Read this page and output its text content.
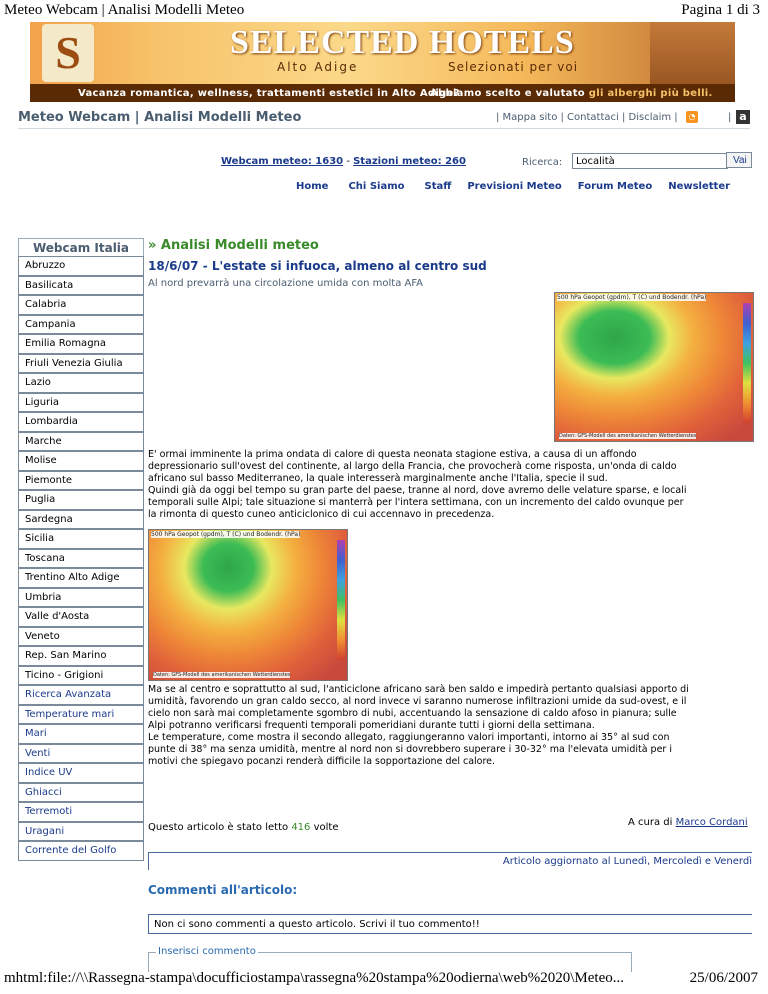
Meteo Webcam | Analisi Modelli Meteo	Pagina 1 di 3
S	SELECTED HOTELS
Alto Adige	Selezionati per voi
Vacanza romantica, wellness, trattamenti estetici in Alto Adige?
Abbiamo scelto e valutato gli alberghi più belli.
Meteo Webcam | Analisi Modelli Meteo	| Mappa sito | Contattaci | Disclaim |	◔	| a
Webcam meteo: 1630 - Stazioni meteo: 260	Ricerca:
Località	Vai
Home Chi Siamo Staff Previsioni Meteo Forum Meteo Newsletter
Webcam Italia
Abruzzo
Basilicata
Calabria
Campania
Emilia Romagna
Friuli Venezia Giulia
Lazio
Liguria
Lombardia
Marche
Molise
Piemonte
Puglia
Sardegna
Sicilia
Toscana
Trentino Alto Adige
Umbria
Valle d'Aosta
Veneto
Rep. San Marino
Ticino - Grigioni
Ricerca Avanzata
Temperature mari
Mari
Venti
Indice UV
Ghiacci
Terremoti
Uragani
Corrente del Golfo
» Analisi Modelli meteo
18/6/07 - L'estate si infuoca, almeno al centro sud
Al nord prevarrà una circolazione umida con molta AFA
500 hPa Geopot (gpdm), T (C) und Bodendr. (hPa)
Daten: GFS-Modell des amerikanischen Wetterdienstes
E' ormai imminente la prima ondata di calore di questa neonata stagione estiva, a causa di un affondo
depressionario sull'ovest del continente, al largo della Francia, che provocherà come risposta, un'onda di caldo
africano sul basso Mediterraneo, la quale interesserà marginalmente anche l'Italia, specie il sud.
Quindi già da oggi bel tempo su gran parte del paese, tranne al nord, dove avremo delle velature sparse, e locali
temporali sulle Alpi; tale situazione si manterrà per l'intera settimana, con un incremento del caldo ovunque per
la rimonta di questo cuneo anticiclonico di cui accennavo in precedenza.
500 hPa Geopot (gpdm), T (C) und Bodendr. (hPa)
Daten: GFS-Modell des amerikanischen Wetterdienstes
Ma se al centro e soprattutto al sud, l'anticiclone africano sarà ben saldo e impedirà pertanto qualsiasi apporto di
umidità, favorendo un gran caldo secco, al nord invece vi saranno numerose infiltrazioni umide da sud-ovest, e il
cielo non sarà mai completamente sgombro di nubi, accentuando la sensazione di caldo afoso in pianura; sulle
Alpi potranno verificarsi frequenti temporali pomeridiani durante tutti i giorni della settimana.
Le temperature, come mostra il secondo allegato, raggiungeranno valori importanti, intorno ai 35° al sud con
punte di 38° ma senza umidità, mentre al nord non si dovrebbero superare i 30-32° ma l'elevata umidità per i
motivi che spiegavo pocanzi renderà difficile la sopportazione del calore.
A cura di Marco Cordani
Questo articolo è stato letto 416 volte
Articolo aggiornato al Lunedì, Mercoledì e Venerdì
Commenti all'articolo:
Non ci sono commenti a questo articolo. Scrivi il tuo commento!!
Inserisci commento
mhtml:file://\\Rassegna-stampa\docufficiostampa\rassegna%20stampa%20odierna\web%2020\Meteo...	25/06/2007
